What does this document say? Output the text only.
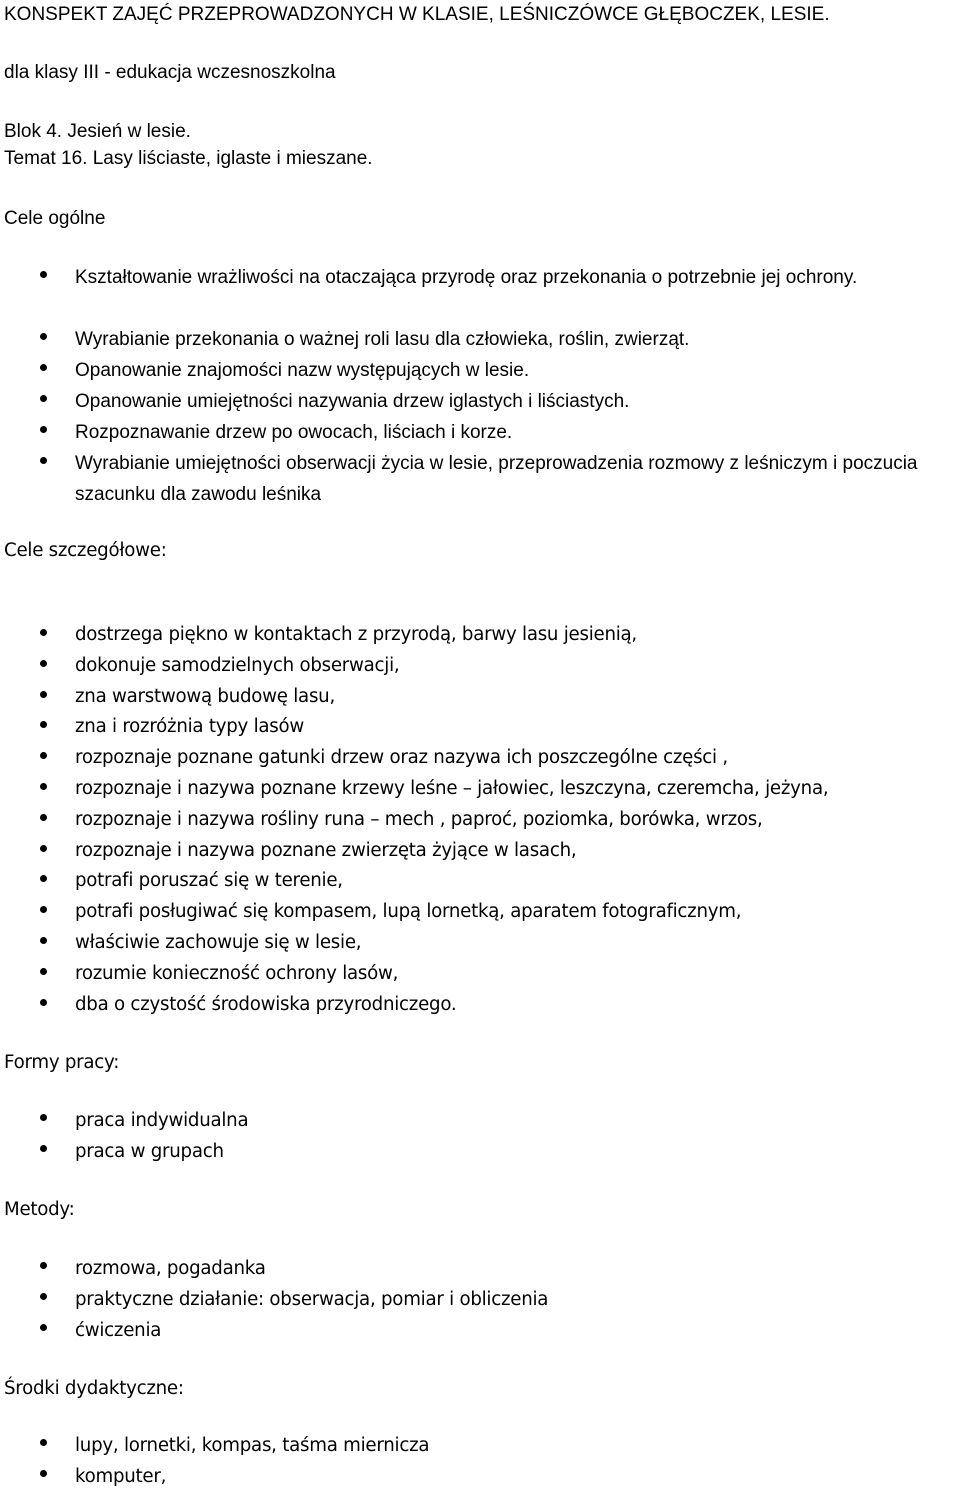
KONSPEKT ZAJĘĆ PRZEPROWADZONYCH W KLASIE, LEŚNICZÓWCE GŁĘBOCZEK, LESIE.
dla klasy III - edukacja wczesnoszkolna
Blok 4. Jesień w lesie.
Temat 16. Lasy liściaste, iglaste i mieszane.
Cele ogólne
Kształtowanie wrażliwości na otaczająca przyrodę oraz przekonania o potrzebnie jej ochrony.
Wyrabianie przekonania o ważnej roli lasu dla człowieka, roślin, zwierząt.
Opanowanie znajomości nazw występujących w lesie.
Opanowanie umiejętności nazywania drzew iglastych i liściastych.
Rozpoznawanie drzew po owocach, liściach i korze.
Wyrabianie umiejętności obserwacji życia w lesie, przeprowadzenia rozmowy z leśniczym i poczucia szacunku dla zawodu leśnika
Cele szczegółowe:
dostrzega piękno w kontaktach z przyrodą, barwy lasu jesienią,
dokonuje samodzielnych obserwacji,
zna warstwową budowę lasu,
zna i rozróżnia typy lasów
rozpoznaje poznane gatunki drzew oraz nazywa ich poszczególne części ,
rozpoznaje i nazywa poznane krzewy leśne – jałowiec, leszczyna, czeremcha, jeżyna,
rozpoznaje i nazywa rośliny runa – mech , paproć, poziomka, borówka, wrzos,
rozpoznaje i nazywa poznane zwierzęta żyjące w lasach,
potrafi poruszać się w terenie,
potrafi posługiwać się kompasem, lupą lornetką, aparatem fotograficznym,
właściwie zachowuje się w lesie,
rozumie konieczność ochrony lasów,
dba o czystość środowiska przyrodniczego.
Formy pracy:
praca indywidualna
praca w grupach
Metody:
rozmowa, pogadanka
praktyczne działanie: obserwacja, pomiar i obliczenia
ćwiczenia
Środki dydaktyczne:
lupy, lornetki, kompas, taśma miernicza
komputer,
